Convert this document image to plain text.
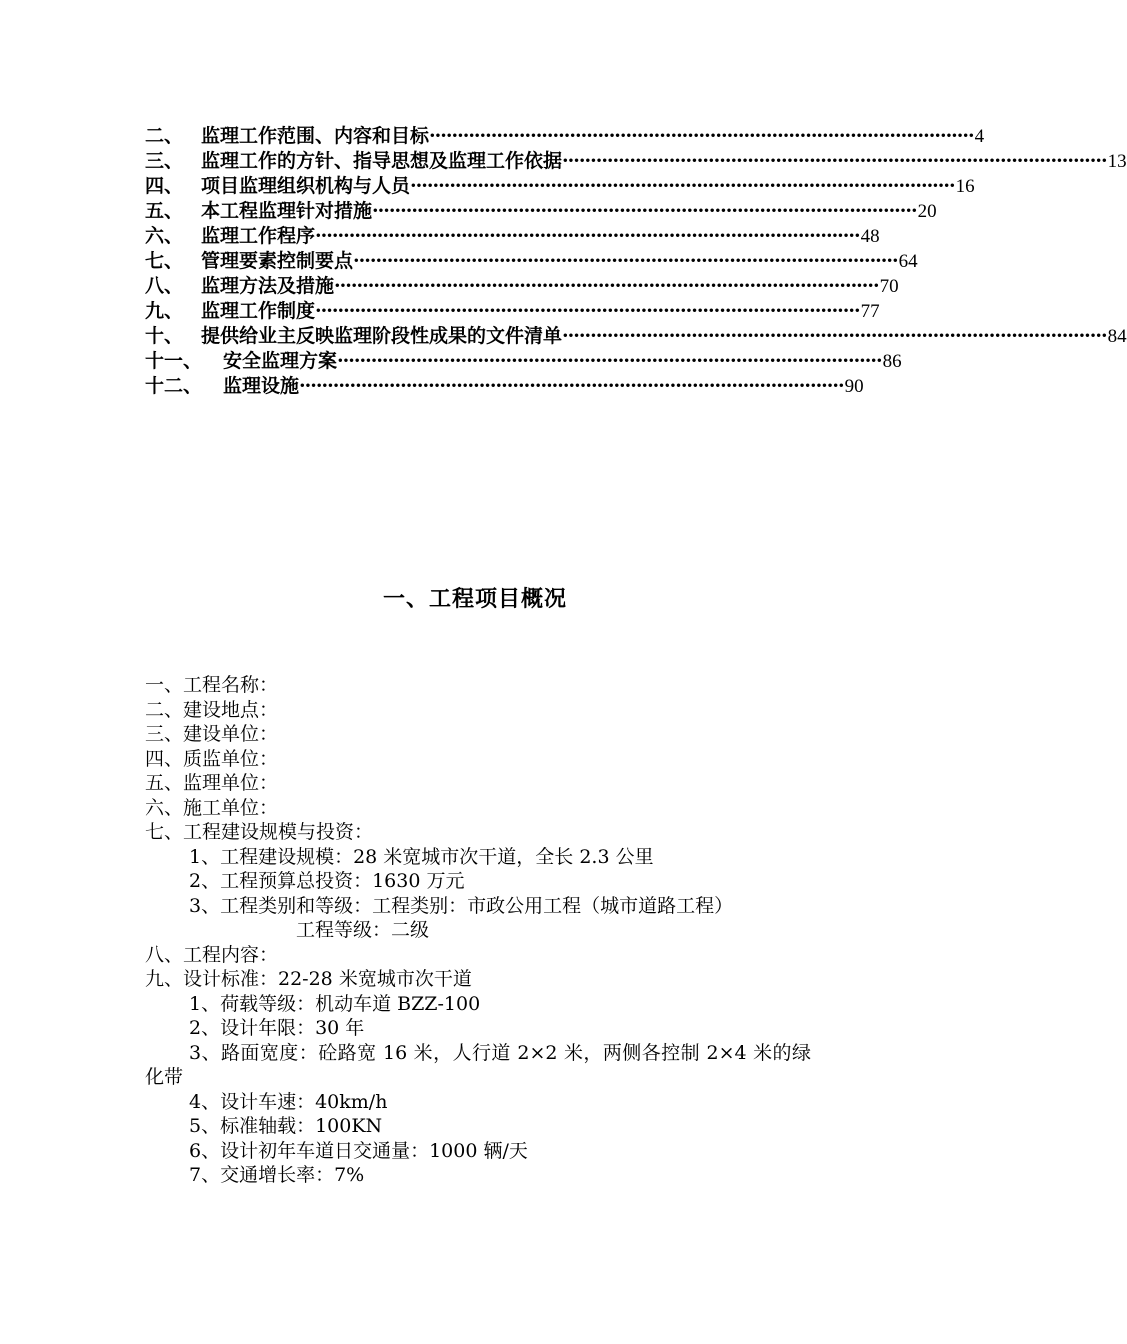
二、 监理工作范围、内容和目标 ································································································· 4
三、 监理工作的方针、指导思想及监理工作依据 ································································································· 13
四、 项目监理组织机构与人员 ································································································· 16
五、 本工程监理针对措施 ································································································· 20
六、 监理工作程序 ································································································· 48
七、 管理要素控制要点 ································································································· 64
八、 监理方法及措施 ································································································· 70
九、 监理工作制度 ································································································· 77
十、 提供给业主反映监理阶段性成果的文件清单 ································································································· 84
十一、	安全监理方案 ································································································· 86
十二、	监理设施 ································································································· 90
一、工程项目概况
一、工程名称：
二、建设地点：
三、建设单位：
四、质监单位：
五、监理单位：
六、施工单位：
七、工程建设规模与投资：
1、工程建设规模：28 米宽城市次干道，全长 2.3 公里
2、工程预算总投资：1630 万元
3、工程类别和等级：工程类别：市政公用工程（城市道路工程）
工程等级：二级
八、工程内容：
九、设计标准：22-28 米宽城市次干道
1、荷载等级：机动车道 BZZ-100
2、设计年限：30 年
3、路面宽度：砼路宽 16 米，人行道 2×2 米，两侧各控制 2×4 米的绿化带
4、设计车速：40km/h
5、标准轴载：100KN
6、设计初年车道日交通量：1000 辆/天
7、交通增长率：7%
